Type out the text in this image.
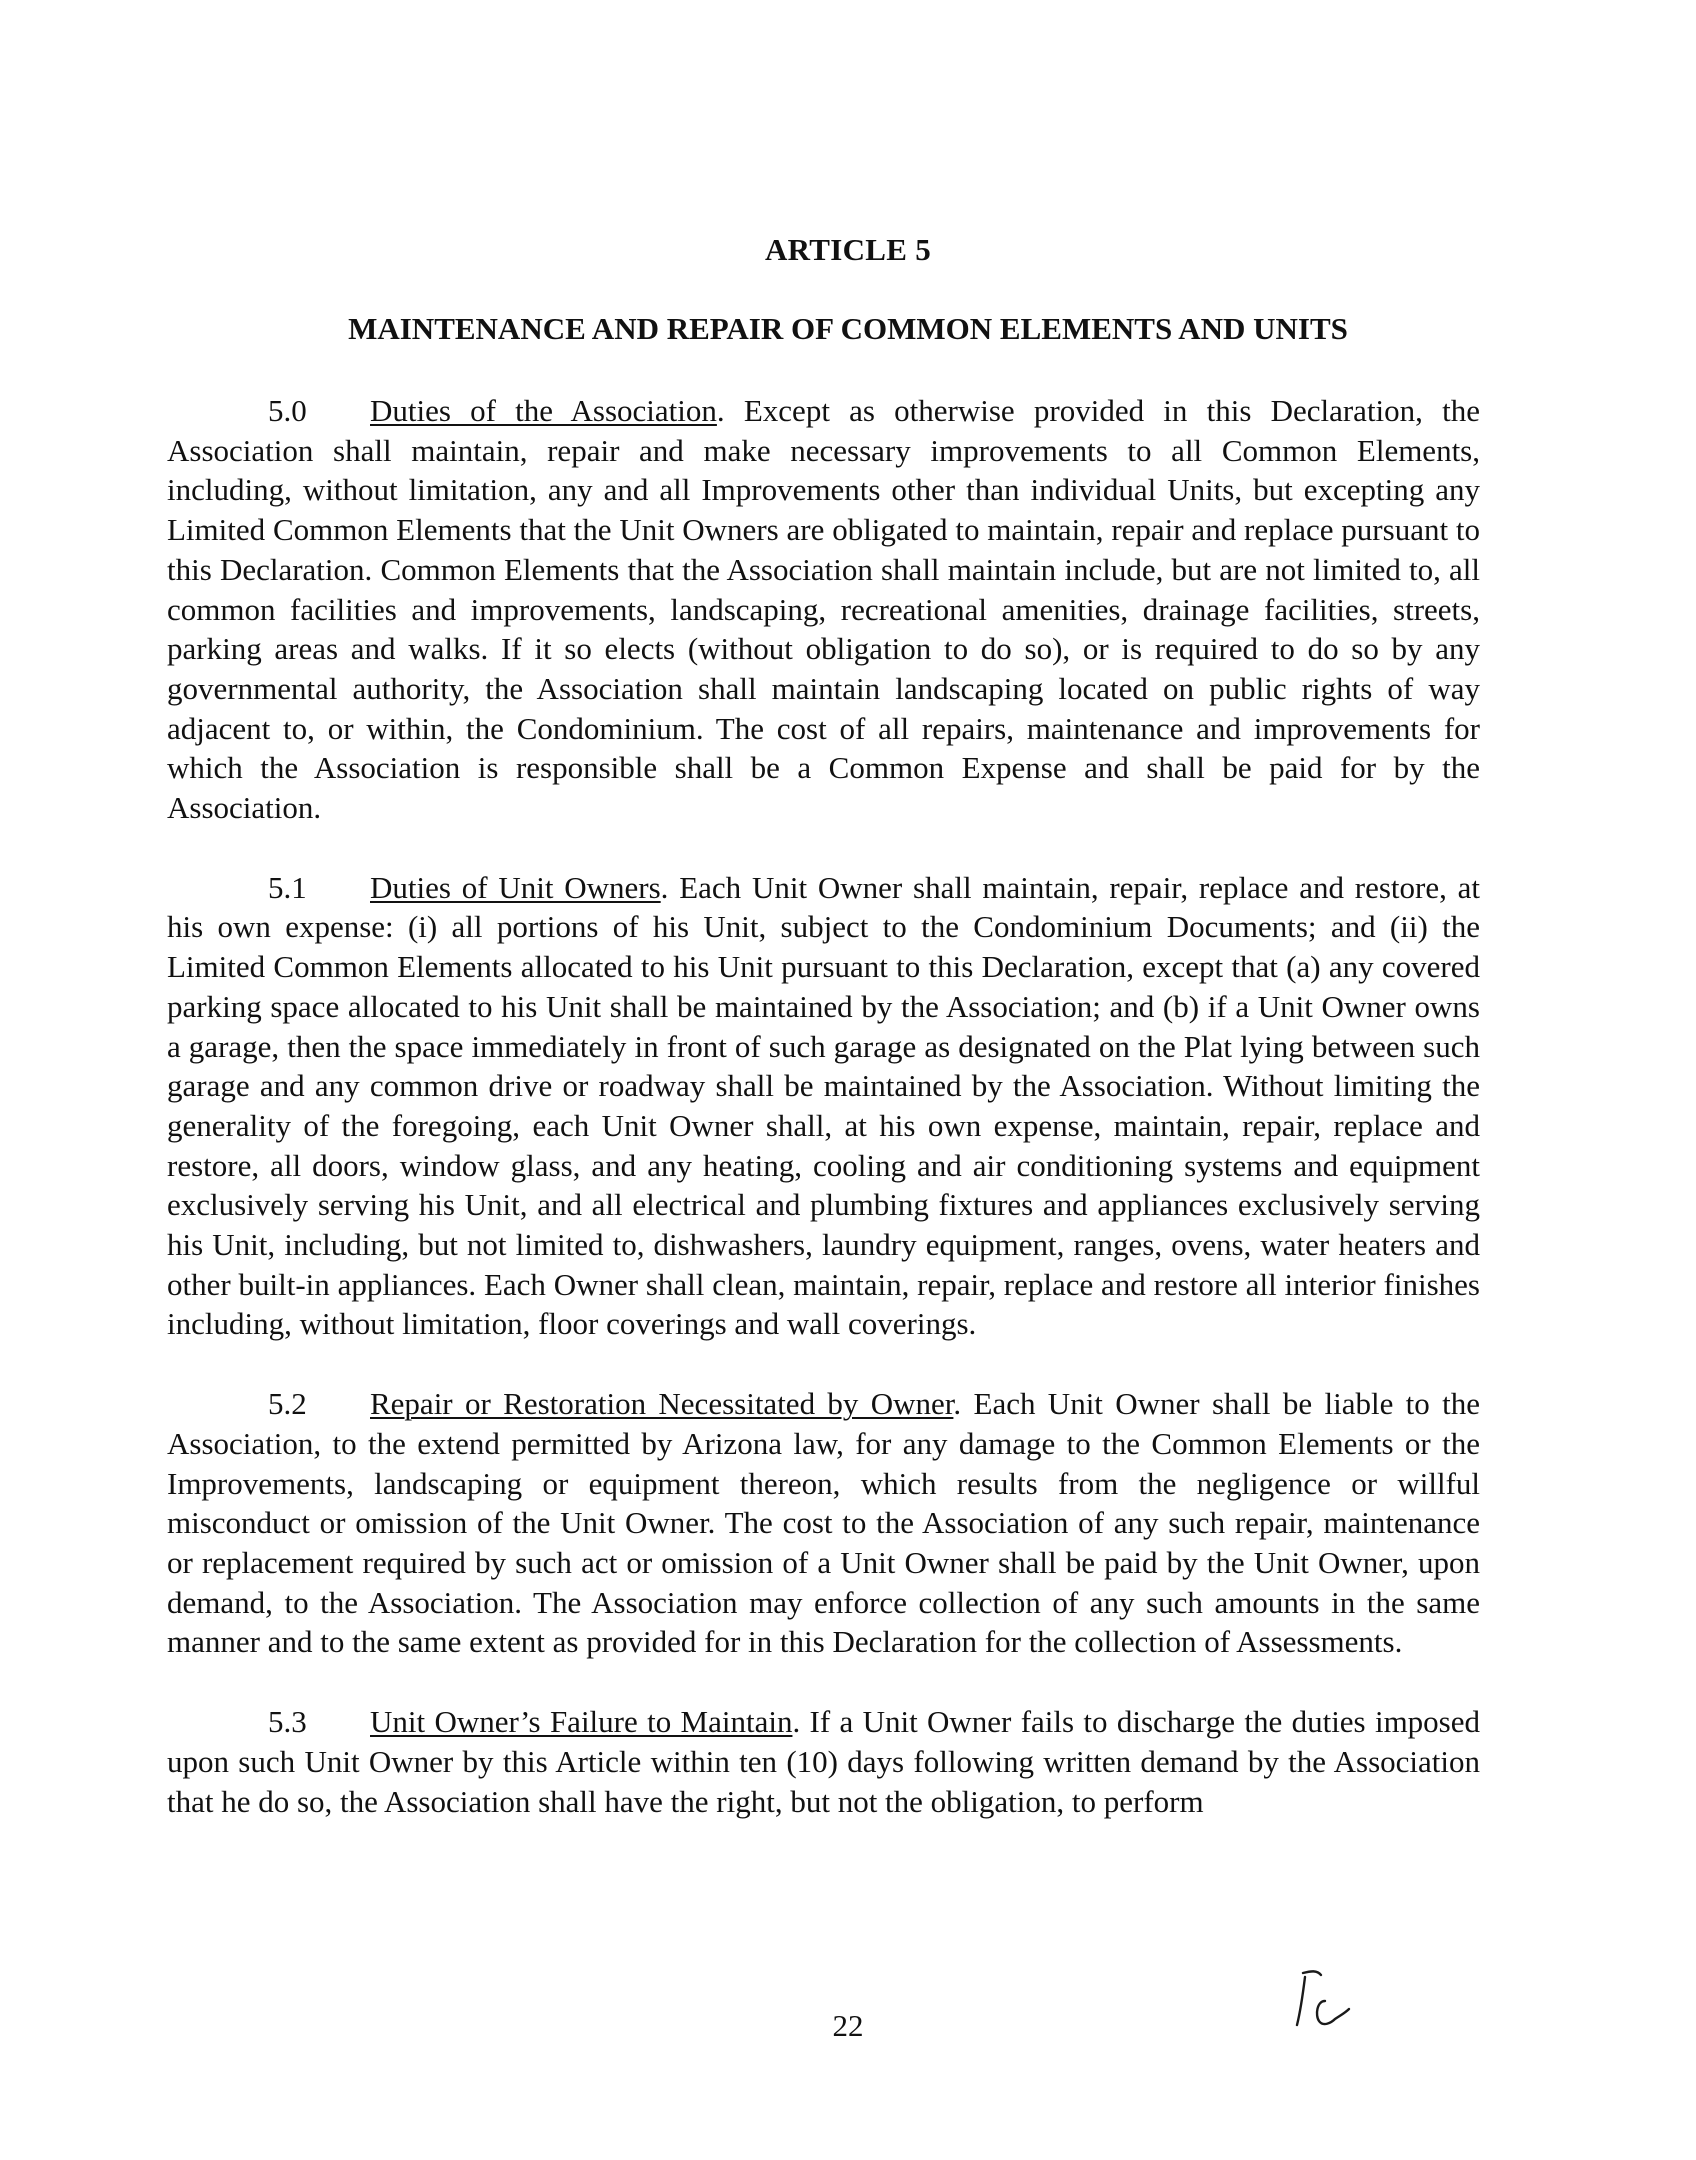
ARTICLE 5
MAINTENANCE AND REPAIR OF COMMON ELEMENTS AND UNITS

5.0 Duties of the Association. Except as otherwise provided in this Declaration, the Association shall maintain, repair and make necessary improvements to all Common Elements, including, without limitation, any and all Improvements other than individual Units, but excepting any Limited Common Elements that the Unit Owners are obligated to maintain, repair and replace pursuant to this Declaration. Common Elements that the Association shall maintain include, but are not limited to, all common facilities and improvements, landscaping, recreational amenities, drainage facilities, streets, parking areas and walks. If it so elects (without obligation to do so), or is required to do so by any governmental authority, the Association shall maintain landscaping located on public rights of way adjacent to, or within, the Condominium. The cost of all repairs, maintenance and improvements for which the Association is responsible shall be a Common Expense and shall be paid for by the Association.

5.1 Duties of Unit Owners. Each Unit Owner shall maintain, repair, replace and restore, at his own expense: (i) all portions of his Unit, subject to the Condominium Documents; and (ii) the Limited Common Elements allocated to his Unit pursuant to this Declaration, except that (a) any covered parking space allocated to his Unit shall be maintained by the Association; and (b) if a Unit Owner owns a garage, then the space immediately in front of such garage as designated on the Plat lying between such garage and any common drive or roadway shall be maintained by the Association. Without limiting the generality of the foregoing, each Unit Owner shall, at his own expense, maintain, repair, replace and restore, all doors, window glass, and any heating, cooling and air conditioning systems and equipment exclusively serving his Unit, and all electrical and plumbing fixtures and appliances exclusively serving his Unit, including, but not limited to, dishwashers, laundry equipment, ranges, ovens, water heaters and other built-in appliances. Each Owner shall clean, maintain, repair, replace and restore all interior finishes including, without limitation, floor coverings and wall coverings.

5.2 Repair or Restoration Necessitated by Owner. Each Unit Owner shall be liable to the Association, to the extend permitted by Arizona law, for any damage to the Common Elements or the Improvements, landscaping or equipment thereon, which results from the negligence or willful misconduct or omission of the Unit Owner. The cost to the Association of any such repair, maintenance or replacement required by such act or omission of a Unit Owner shall be paid by the Unit Owner, upon demand, to the Association. The Association may enforce collection of any such amounts in the same manner and to the same extent as provided for in this Declaration for the collection of Assessments.

5.3 Unit Owner’s Failure to Maintain. If a Unit Owner fails to discharge the duties imposed upon such Unit Owner by this Article within ten (10) days following written demand by the Association that he do so, the Association shall have the right, but not the obligation, to perform

22
